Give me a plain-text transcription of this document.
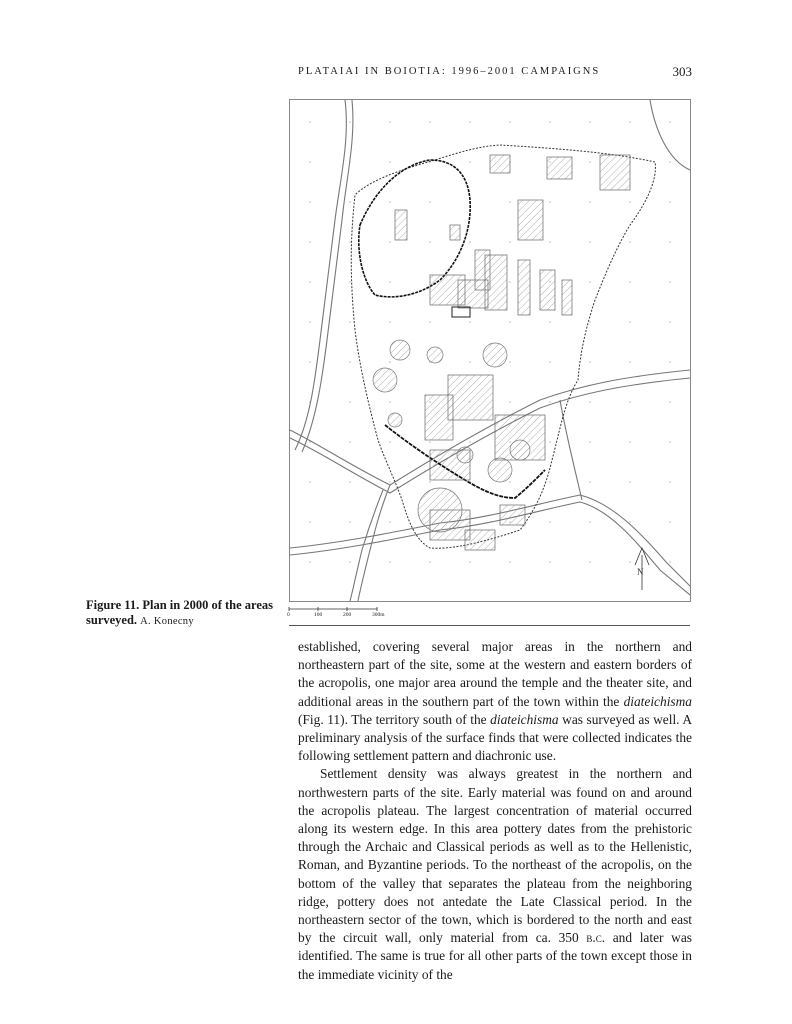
PLATAIAI IN BOIOTIA: 1996–2001 CAMPAIGNS	303
N
0	100	200	300m
Figure 11. Plan in 2000 of the areas surveyed. A. Konecny

established, covering several major areas in the northern and northeastern part of the site, some at the western and eastern borders of the acropolis, one major area around the temple and the theater site, and additional areas in the southern part of the town within the diateichisma (Fig. 11). The territory south of the diateichisma was surveyed as well. A preliminary analysis of the surface finds that were collected indicates the following settlement pattern and diachronic use.

Settlement density was always greatest in the northern and northwestern parts of the site. Early material was found on and around the acropolis plateau. The largest concentration of material occurred along its western edge. In this area pottery dates from the prehistoric through the Archaic and Classical periods as well as to the Hellenistic, Roman, and Byzantine periods. To the northeast of the acropolis, on the bottom of the valley that separates the plateau from the neighboring ridge, pottery does not antedate the Late Classical period. In the northeastern sector of the town, which is bordered to the north and east by the circuit wall, only material from ca. 350 b.c. and later was identified. The same is true for all other parts of the town except those in the immediate vicinity of the
